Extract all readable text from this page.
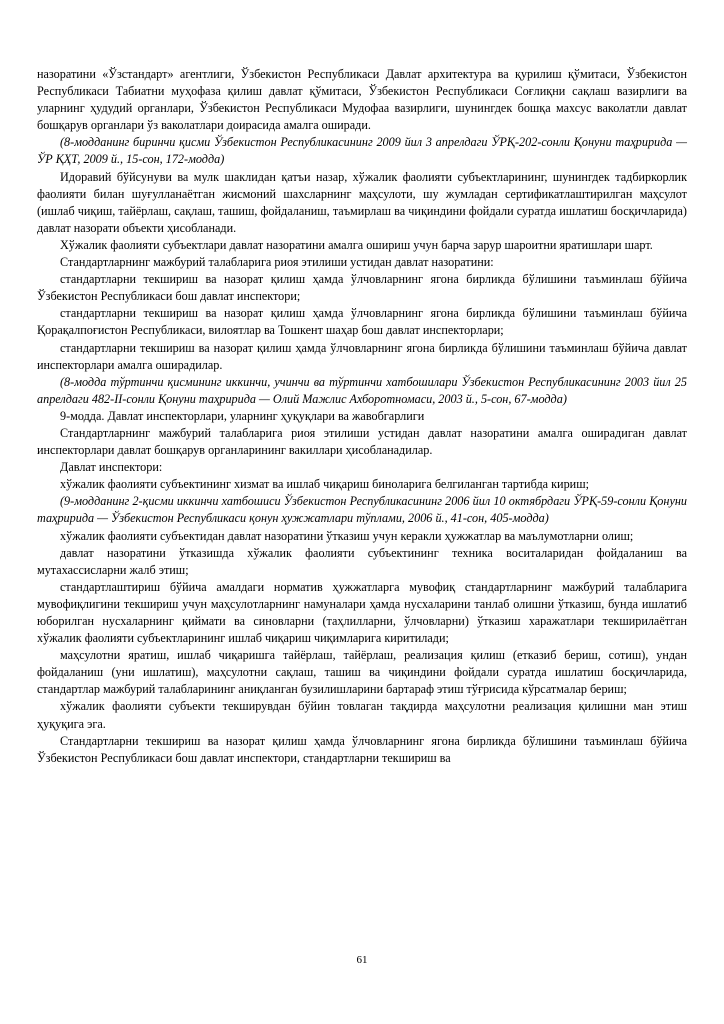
назоратини «Ўзстандарт» агентлиги, Ўзбекистон Республикаси Давлат архитектура ва қурилиш қўмитаси, Ўзбекистон Республикаси Табиатни муҳофаза қилиш давлат қўмитаси, Ўзбекистон Республикаси Соғлиқни сақлаш вазирлиги ва уларнинг ҳудудий органлари, Ўзбекистон Республикаси Мудофаа вазирлиги, шунингдек бошқа махсус ваколатли давлат бошқарув органлари ўз ваколатлари доирасида амалга оширади.

(8-модданинг биринчи қисми Ўзбекистон Республикасининг 2009 йил 3 апрелдаги ЎРҚ-202-сонли Қонуни таҳририда — ЎР ҚҲТ, 2009 й., 15-сон, 172-модда)

Идоравий бўйсунуви ва мулк шаклидан қатъи назар, хўжалик фаолияти субъектларининг, шунингдек тадбиркорлик фаолияти билан шуғулланаётган жисмоний шахсларнинг маҳсулоти, шу жумладан сертификатлаштирилган маҳсулот (ишлаб чиқиш, тайёрлаш, сақлаш, ташиш, фойдаланиш, таъмирлаш ва чиқиндини фойдали суратда ишлатиш босқичларида) давлат назорати объекти ҳисобланади.

Хўжалик фаолияти субъектлари давлат назоратини амалга ошириш учун барча зарур шароитни яратишлари шарт.

Стандартларнинг мажбурий талабларига риоя этилиши устидан давлат назоратини:

стандартларни текшириш ва назорат қилиш ҳамда ўлчовларнинг ягона бирликда бўлишини таъминлаш бўйича Ўзбекистон Республикаси бош давлат инспектори;

стандартларни текшириш ва назорат қилиш ҳамда ўлчовларнинг ягона бирликда бўлишини таъминлаш бўйича Қорақалпоғистон Республикаси, вилоятлар ва Тошкент шаҳар бош давлат инспекторлари;

стандартларни текшириш ва назорат қилиш ҳамда ўлчовларнинг ягона бирликда бўлишини таъминлаш бўйича давлат инспекторлари амалга оширадилар.

(8-модда тўртинчи қисмининг иккинчи, учинчи ва тўртинчи хатбошилари Ўзбекистон Республикасининг 2003 йил 25 апрелдаги 482-II-сонли Қонуни таҳририда — Олий Мажлис Ахборотномаси, 2003 й., 5-сон, 67-модда)

9-модда. Давлат инспекторлари, уларнинг ҳуқуқлари ва жавобгарлиги

Стандартларнинг мажбурий талабларига риоя этилиши устидан давлат назоратини амалга оширадиган давлат инспекторлари давлат бошқарув органларининг вакиллари ҳисобланадилар.

Давлат инспектори:

хўжалик фаолияти субъектининг хизмат ва ишлаб чиқариш биноларига белгиланган тартибда кириш;

(9-модданинг 2-қисми иккинчи хатбошиси Ўзбекистон Республикасининг 2006 йил 10 октябрдаги ЎРҚ-59-сонли Қонуни таҳририда — Ўзбекистон Республикаси қонун ҳужжатлари тўплами, 2006 й., 41-сон, 405-модда)

хўжалик фаолияти субъектидан давлат назоратини ўтказиш учун керакли ҳужжатлар ва маълумотларни олиш;

давлат назоратини ўтказишда хўжалик фаолияти субъектининг техника воситаларидан фойдаланиш ва мутахассисларни жалб этиш;

стандартлаштириш бўйича амалдаги норматив ҳужжатларга мувофиқ стандартларнинг мажбурий талабларига мувофиқлигини текшириш учун маҳсулотларнинг намуналари ҳамда нусхаларини танлаб олишни ўтказиш, бунда ишлатиб юборилган нусхаларнинг қиймати ва синовларни (таҳлилларни, ўлчовларни) ўтказиш харажатлари текширилаётган хўжалик фаолияти субъектларининг ишлаб чиқариш чиқимларига киритилади;

маҳсулотни яратиш, ишлаб чиқаришга тайёрлаш, тайёрлаш, реализация қилиш (етказиб бериш, сотиш), ундан фойдаланиш (уни ишлатиш), маҳсулотни сақлаш, ташиш ва чиқиндини фойдали суратда ишлатиш босқичларида, стандартлар мажбурий талабларининг аниқланган бузилишларини бартараф этиш тўғрисида кўрсатмалар бериш;

хўжалик фаолияти субъекти текширувдан бўйин товлаган тақдирда маҳсулотни реализация қилишни ман этиш ҳуқуқига эга.

Стандартларни текшириш ва назорат қилиш ҳамда ўлчовларнинг ягона бирликда бўлишини таъминлаш бўйича Ўзбекистон Республикаси бош давлат инспектори, стандартларни текшириш ва

61
